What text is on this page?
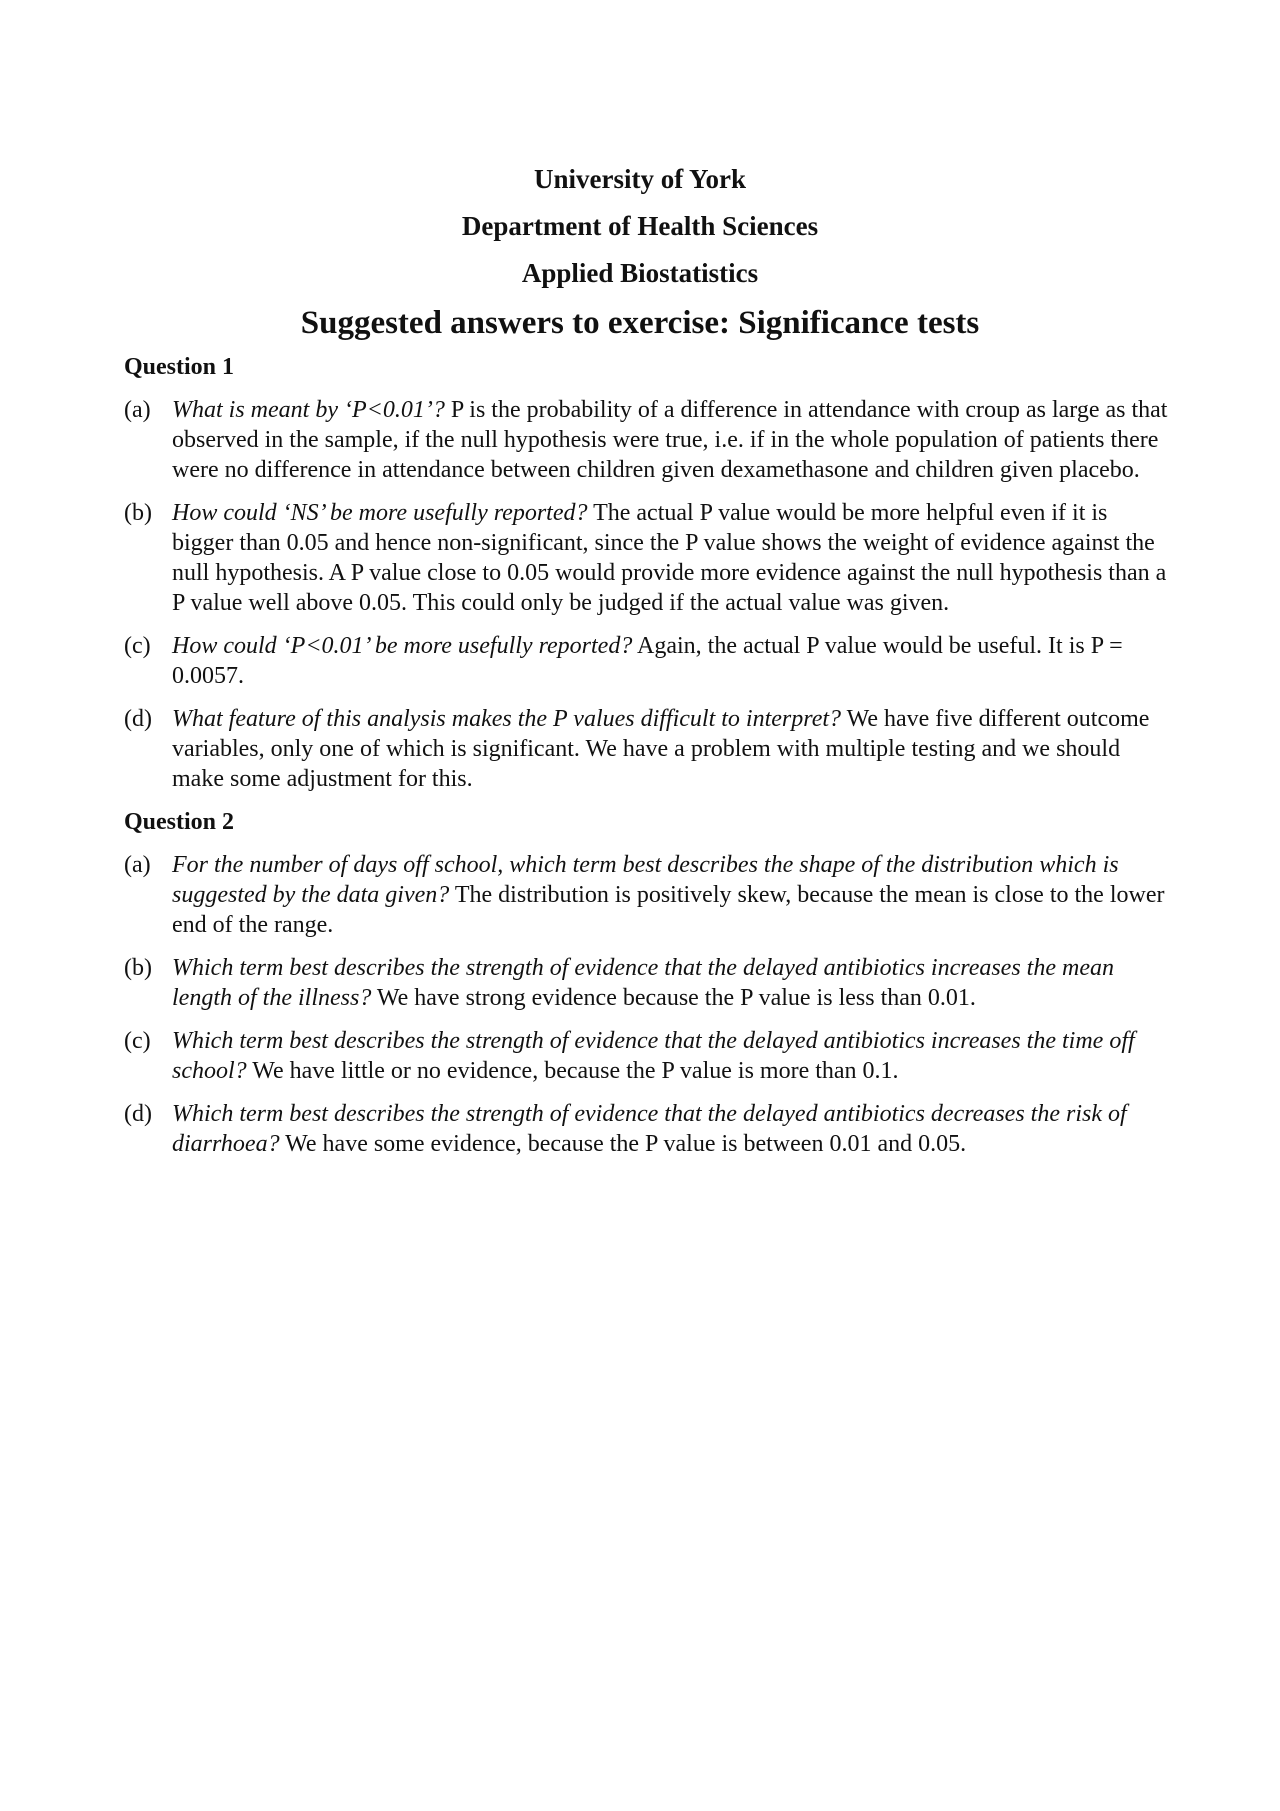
University of York
Department of Health Sciences
Applied Biostatistics
Suggested answers to exercise: Significance tests
Question 1
(a) What is meant by ‘P<0.01’? P is the probability of a difference in attendance with croup as large as that observed in the sample, if the null hypothesis were true, i.e. if in the whole population of patients there were no difference in attendance between children given dexamethasone and children given placebo.
(b) How could ‘NS’ be more usefully reported? The actual P value would be more helpful even if it is bigger than 0.05 and hence non-significant, since the P value shows the weight of evidence against the null hypothesis. A P value close to 0.05 would provide more evidence against the null hypothesis than a P value well above 0.05. This could only be judged if the actual value was given.
(c) How could ‘P<0.01’ be more usefully reported? Again, the actual P value would be useful. It is P = 0.0057.
(d) What feature of this analysis makes the P values difficult to interpret? We have five different outcome variables, only one of which is significant. We have a problem with multiple testing and we should make some adjustment for this.
Question 2
(a) For the number of days off school, which term best describes the shape of the distribution which is suggested by the data given? The distribution is positively skew, because the mean is close to the lower end of the range.
(b) Which term best describes the strength of evidence that the delayed antibiotics increases the mean length of the illness? We have strong evidence because the P value is less than 0.01.
(c) Which term best describes the strength of evidence that the delayed antibiotics increases the time off school? We have little or no evidence, because the P value is more than 0.1.
(d) Which term best describes the strength of evidence that the delayed antibiotics decreases the risk of diarrhoea? We have some evidence, because the P value is between 0.01 and 0.05.
